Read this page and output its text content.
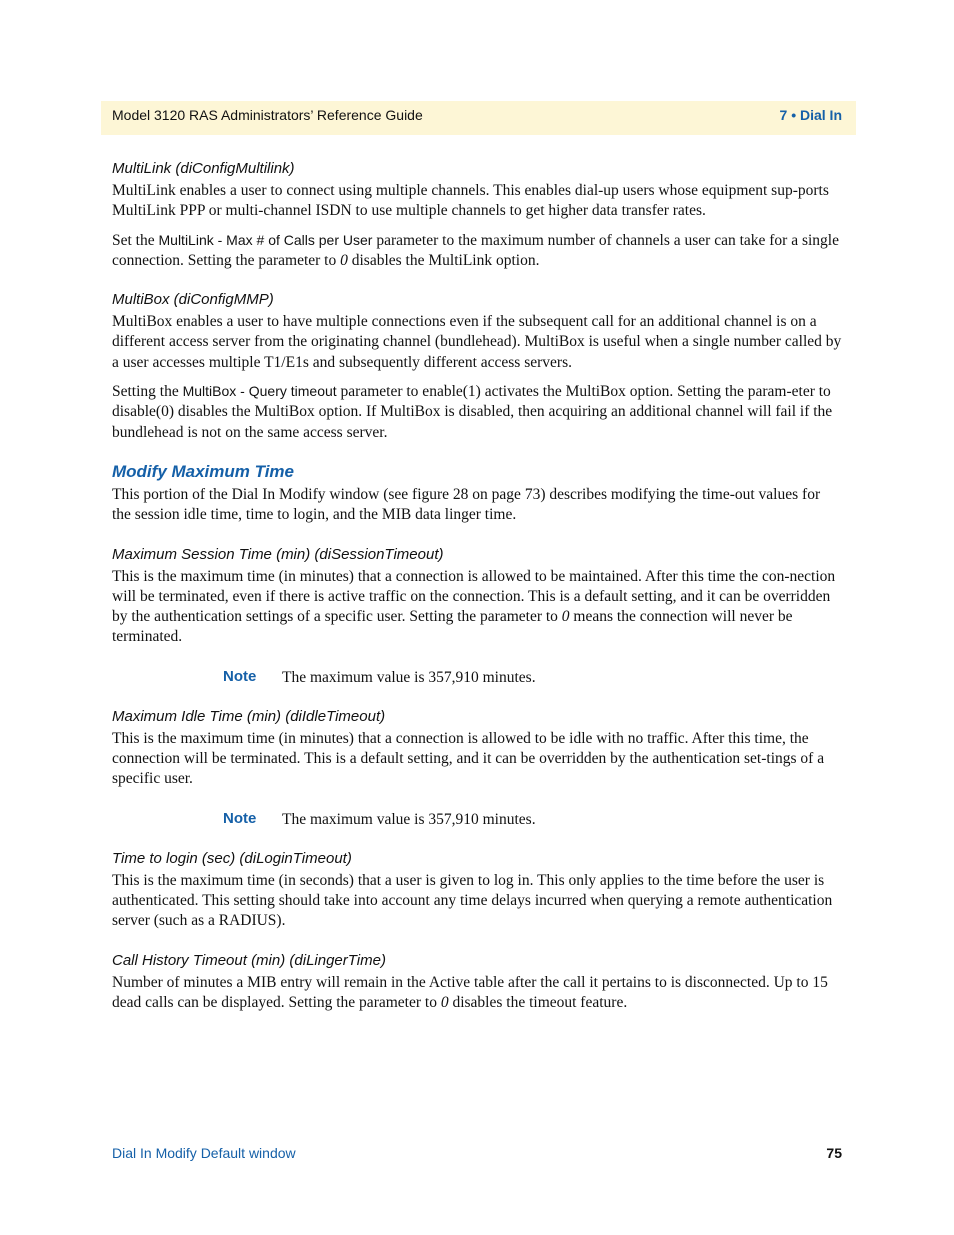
Model 3120 RAS Administrators’ Reference Guide	7 • Dial In
MultiLink (diConfigMultilink)

MultiLink enables a user to connect using multiple channels. This enables dial-up users whose equipment sup-ports MultiLink PPP or multi-channel ISDN to use multiple channels to get higher data transfer rates.

Set the MultiLink - Max # of Calls per User parameter to the maximum number of channels a user can take for a single connection. Setting the parameter to 0 disables the MultiLink option.

MultiBox (diConfigMMP)

MultiBox enables a user to have multiple connections even if the subsequent call for an additional channel is on a different access server from the originating channel (bundlehead). MultiBox is useful when a single number called by a user accesses multiple T1/E1s and subsequently different access servers.

Setting the MultiBox - Query timeout parameter to enable(1) activates the MultiBox option. Setting the param-eter to disable(0) disables the MultiBox option. If MultiBox is disabled, then acquiring an additional channel will fail if the bundlehead is not on the same access server.

Modify Maximum Time

This portion of the Dial In Modify window (see figure 28 on page 73) describes modifying the time-out values for the session idle time, time to login, and the MIB data linger time.

Maximum Session Time (min) (diSessionTimeout)

This is the maximum time (in minutes) that a connection is allowed to be maintained. After this time the con-nection will be terminated, even if there is active traffic on the connection. This is a default setting, and it can be overridden by the authentication settings of a specific user. Setting the parameter to 0 means the connection will never be terminated.

Note The maximum value is 357,910 minutes.
Maximum Idle Time (min) (diIdleTimeout)

This is the maximum time (in minutes) that a connection is allowed to be idle with no traffic. After this time, the connection will be terminated. This is a default setting, and it can be overridden by the authentication set-tings of a specific user.

Note The maximum value is 357,910 minutes.
Time to login (sec) (diLoginTimeout)

This is the maximum time (in seconds) that a user is given to log in. This only applies to the time before the user is authenticated. This setting should take into account any time delays incurred when querying a remote authentication server (such as a RADIUS).

Call History Timeout (min) (diLingerTime)

Number of minutes a MIB entry will remain in the Active table after the call it pertains to is disconnected. Up to 15 dead calls can be displayed. Setting the parameter to 0 disables the timeout feature.

Dial In Modify Default window	75
